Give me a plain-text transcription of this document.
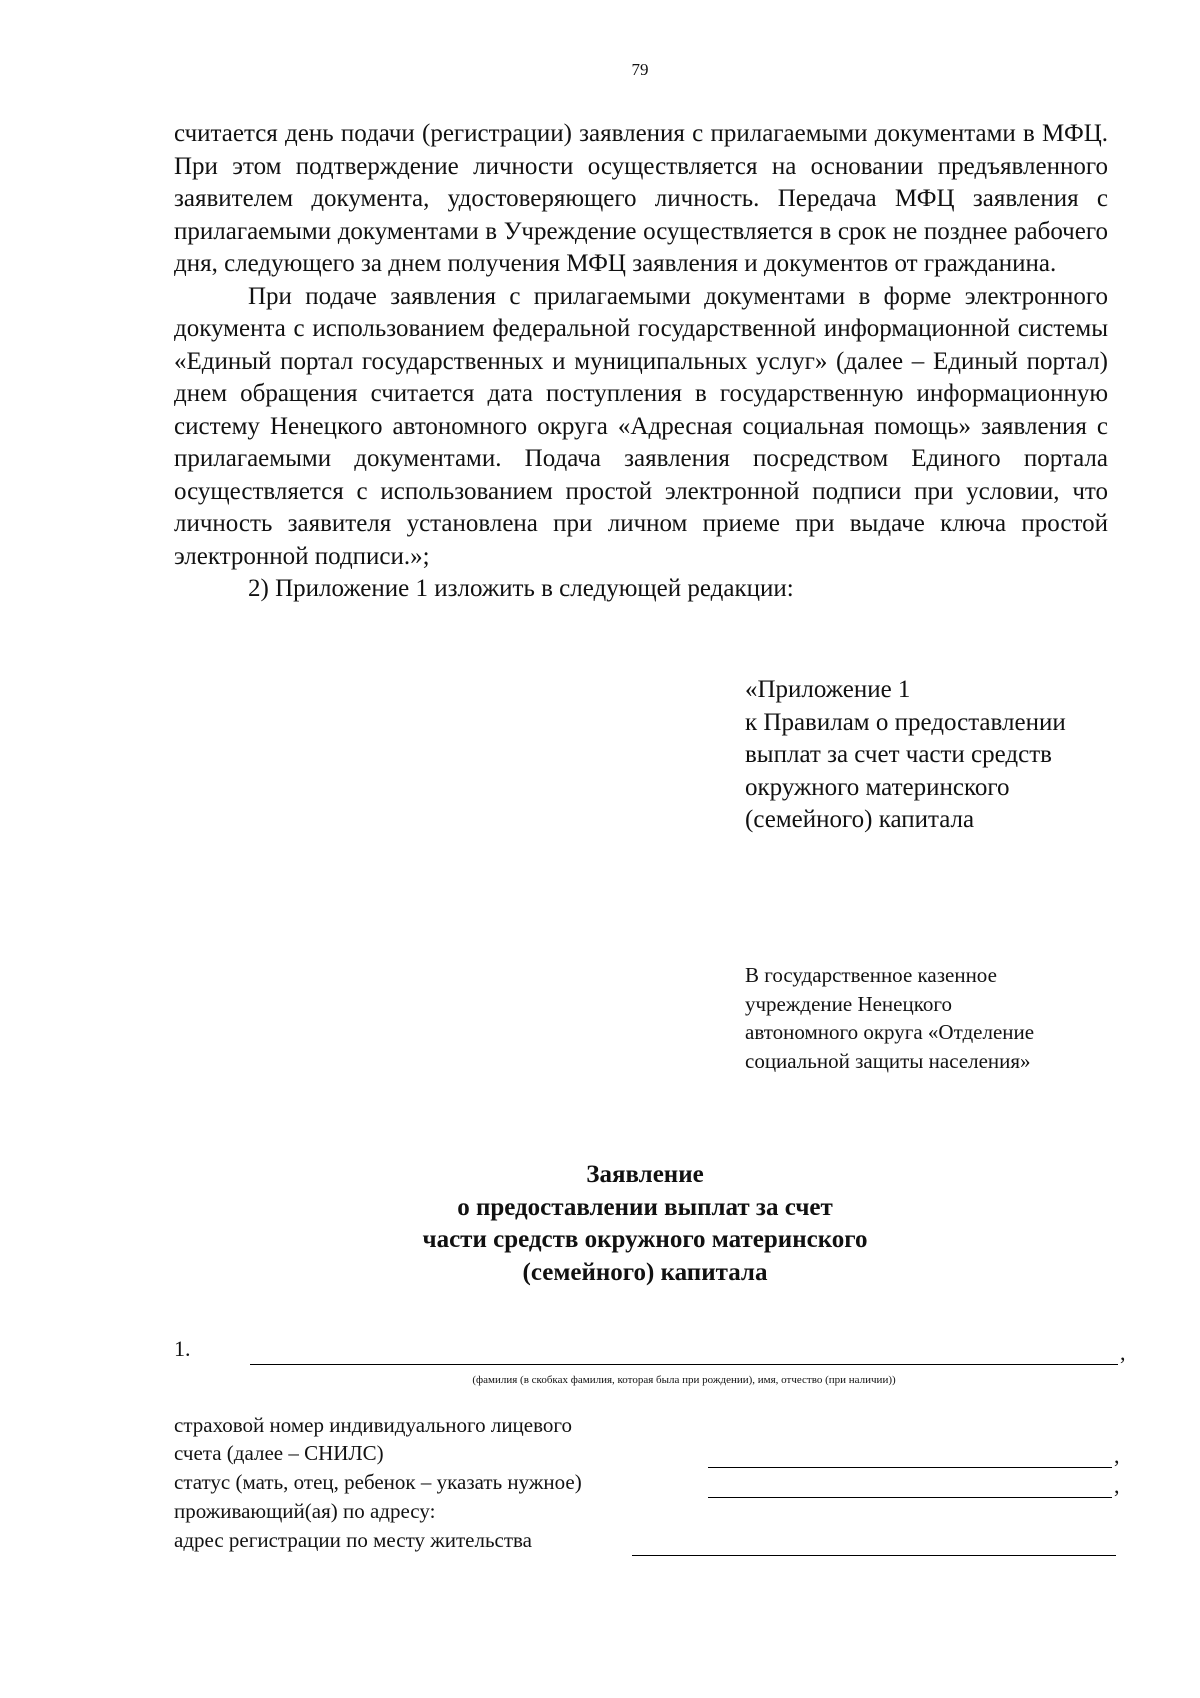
79

считается день подачи (регистрации) заявления с прилагаемыми документами в МФЦ. При этом подтверждение личности осуществляется на основании предъявленного заявителем документа, удостоверяющего личность. Передача МФЦ заявления с прилагаемыми документами в Учреждение осуществляется в срок не позднее рабочего дня, следующего за днем получения МФЦ заявления и документов от гражданина.

При подаче заявления с прилагаемыми документами в форме электронного документа с использованием федеральной государственной информационной системы «Единый портал государственных и муниципальных услуг» (далее – Единый портал) днем обращения считается дата поступления в государственную информационную систему Ненецкого автономного округа «Адресная социальная помощь» заявления с прилагаемыми документами. Подача заявления посредством Единого портала осуществляется с использованием простой электронной подписи при условии, что личность заявителя установлена при личном приеме при выдаче ключа простой электронной подписи.»;

2) Приложение 1 изложить в следующей редакции:

«Приложение 1
к Правилам о предоставлении
выплат за счет части средств
окружного материнского
(семейного) капитала
В государственное казенное
учреждение Ненецкого
автономного округа «Отделение
социальной защиты населения»
Заявление
о предоставлении выплат за счет
части средств окружного материнского
(семейного) капитала
1.	,
(фамилия (в скобках фамилия, которая была при рождении), имя, отчество (при наличии))
страховой номер индивидуального лицевого
счета (далее – СНИЛС)	,
статус (мать, отец, ребенок – указать нужное)	,
проживающий(ая) по адресу:
адрес регистрации по месту жительства
